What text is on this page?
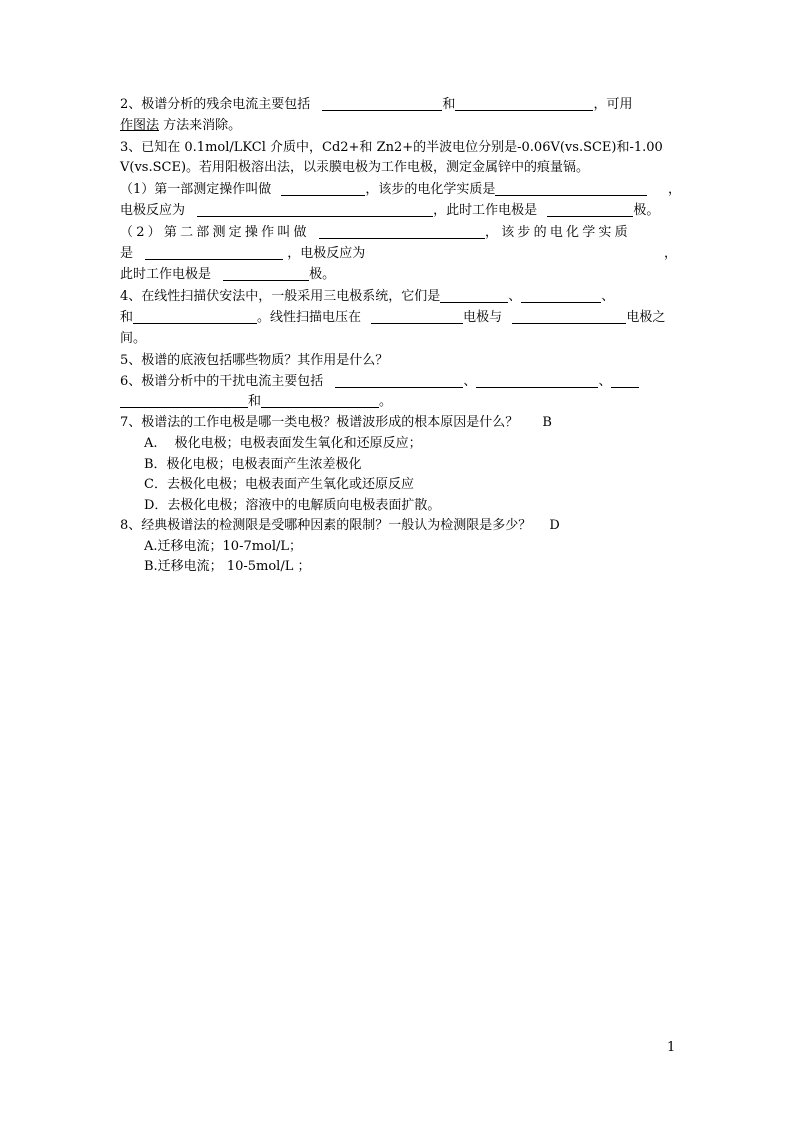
2、极谱分析的残余电流主要包括	和	，可用
作图法 方法来消除。
3、已知在 0.1mol/LKCl 介质中，Cd2+和 Zn2+的半波电位分别是-0.06V(vs.SCE)和-1.00
V(vs.SCE)。若用阳极溶出法，以汞膜电极为工作电极，测定金属锌中的痕量镉。
（1）第一部测定操作叫做	，该步的电化学实质是	，
电极反应为	，此时工作电极是	极。
（2）第二部测定操作叫做	，该步的电化学实质
是	，电极反应为	，
此时工作电极是	极。
4、在线性扫描伏安法中，一般采用三电极系统，它们是	、	、
和	。线性扫描电压在	电极与	电极之
间。
5、极谱的底液包括哪些物质？其作用是什么？
6、极谱分析中的干扰电流主要包括	、	、
和	。
7、极谱法的工作电极是哪一类电极？极谱波形成的根本原因是什么？ B
A.　 极化电极；电极表面发生氧化和还原反应；
B．极化电极；电极表面产生浓差极化
C．去极化电极；电极表面产生氧化或还原反应
D．去极化电极；溶液中的电解质向电极表面扩散。
8、经典极谱法的检测限是受哪种因素的限制？一般认为检测限是多少？ D
A.迁移电流；10-7mol/L；
B.迁移电流； 10-5mol/L ；
1
